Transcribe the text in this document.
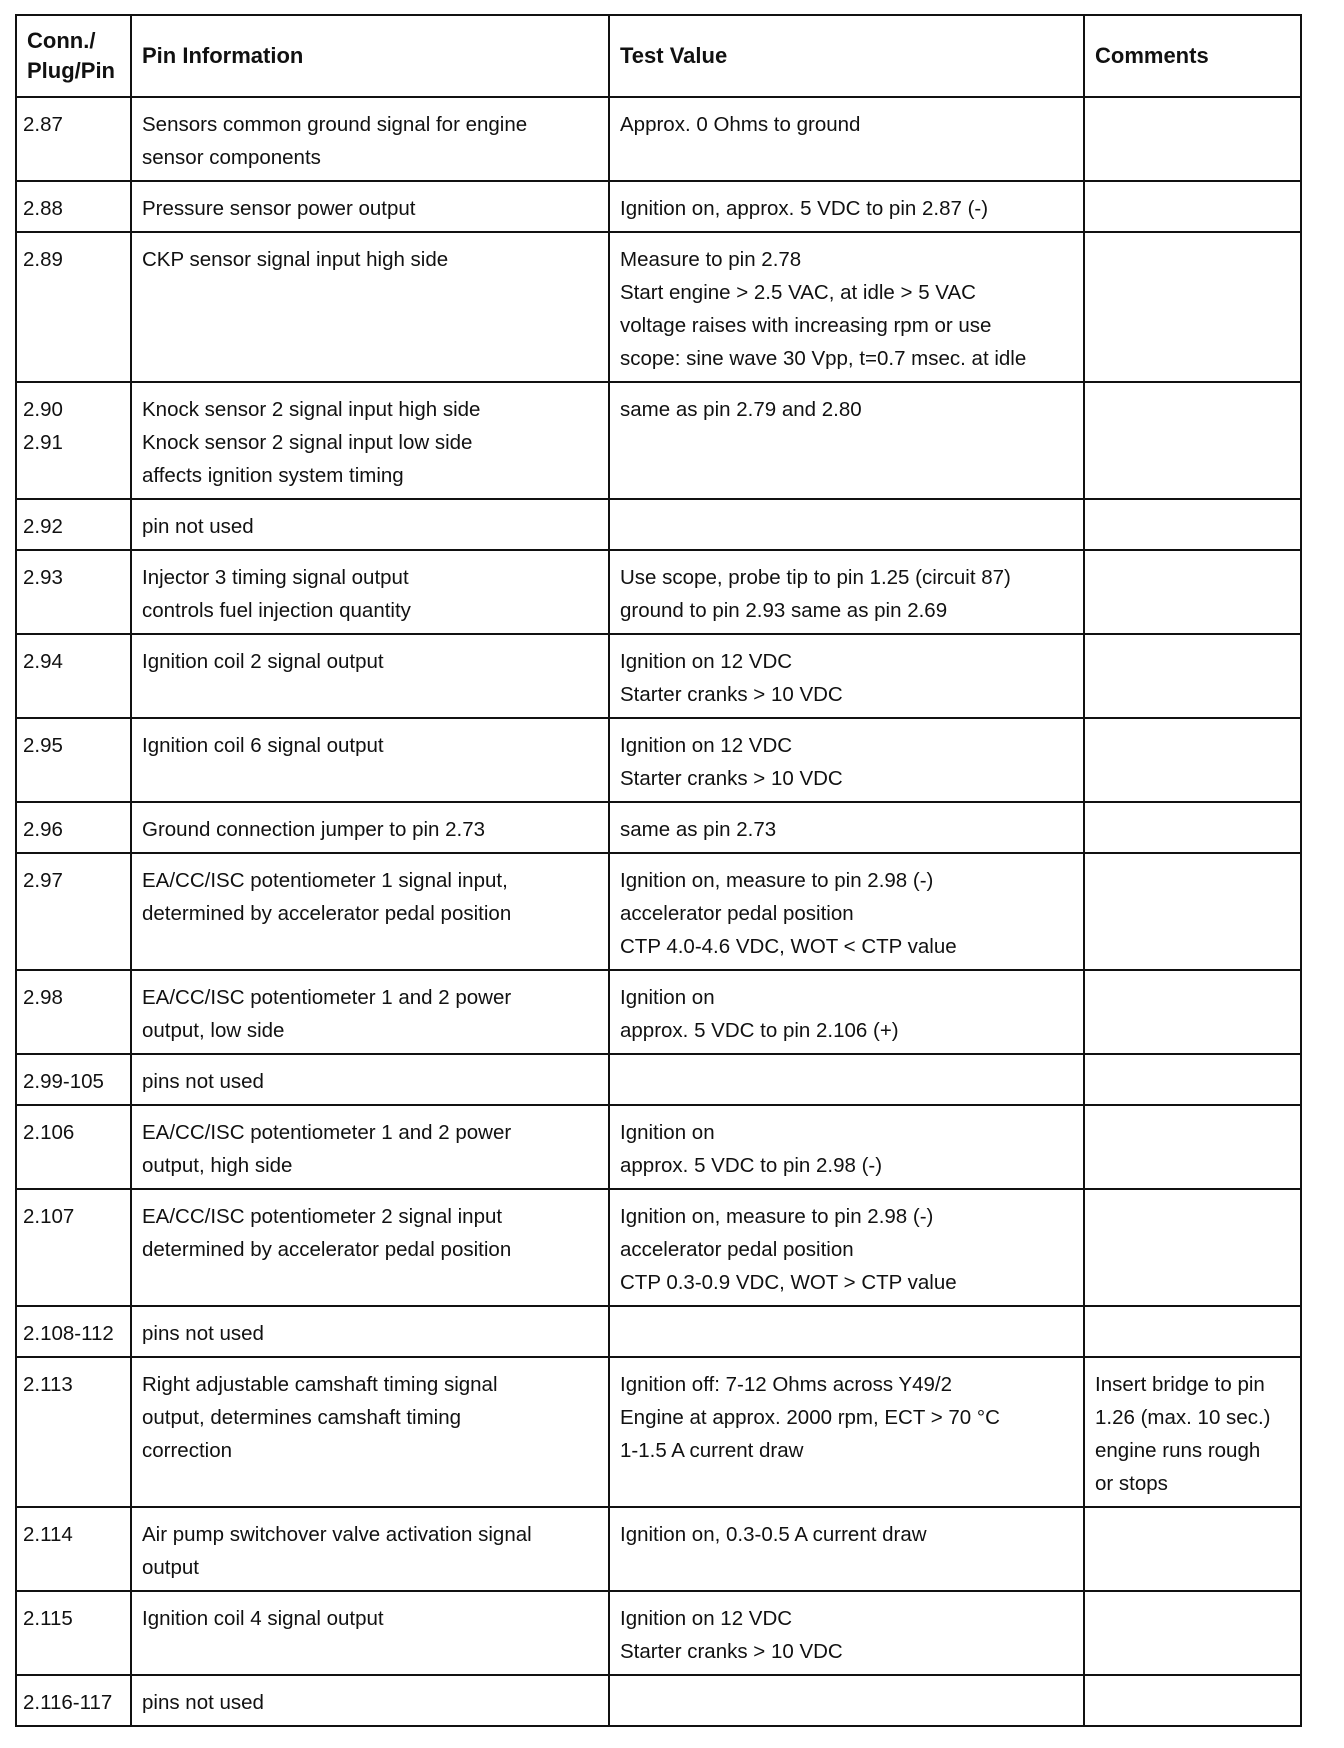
Conn./ Plug/Pin	Pin Information	Test Value	Comments

2.87	Sensors common ground signal for engine
sensor components	Approx. 0 Ohms to ground	

2.88	Pressure sensor power output	Ignition on, approx. 5 VDC to pin 2.87 (-)	

2.89	CKP sensor signal input high side	Measure to pin 2.78
Start engine > 2.5 VAC, at idle > 5 VAC
voltage raises with increasing rpm or use
scope: sine wave 30 Vpp, t=0.7 msec. at idle	

2.90
2.91	Knock sensor 2 signal input high side
Knock sensor 2 signal input low side
affects ignition system timing	same as pin 2.79 and 2.80	

2.92	pin not used		

2.93	Injector 3 timing signal output
controls fuel injection quantity	Use scope, probe tip to pin 1.25 (circuit 87)
ground to pin 2.93 same as pin 2.69	

2.94	Ignition coil 2 signal output	Ignition on 12 VDC
Starter cranks > 10 VDC	

2.95	Ignition coil 6 signal output	Ignition on 12 VDC
Starter cranks > 10 VDC	

2.96	Ground connection jumper to pin 2.73	same as pin 2.73	

2.97	EA/CC/ISC potentiometer 1 signal input,
determined by accelerator pedal position	Ignition on, measure to pin 2.98 (-)
accelerator pedal position
CTP 4.0-4.6 VDC, WOT < CTP value	

2.98	EA/CC/ISC potentiometer 1 and 2 power
output, low side	Ignition on
approx. 5 VDC to pin 2.106 (+)	

2.99-105	pins not used		

2.106	EA/CC/ISC potentiometer 1 and 2 power
output, high side	Ignition on
approx. 5 VDC to pin 2.98 (-)	

2.107	EA/CC/ISC potentiometer 2 signal input
determined by accelerator pedal position	Ignition on, measure to pin 2.98 (-)
accelerator pedal position
CTP 0.3-0.9 VDC, WOT > CTP value	

2.108-112	pins not used		

2.113	Right adjustable camshaft timing signal
output, determines camshaft timing
correction	Ignition off: 7-12 Ohms across Y49/2
Engine at approx. 2000 rpm, ECT > 70 °C
1-1.5 A current draw	Insert bridge to pin
1.26 (max. 10 sec.)
engine runs rough
or stops

2.114	Air pump switchover valve activation signal
output	Ignition on, 0.3-0.5 A current draw	

2.115	Ignition coil 4 signal output	Ignition on 12 VDC
Starter cranks > 10 VDC	

2.116-117	pins not used		
